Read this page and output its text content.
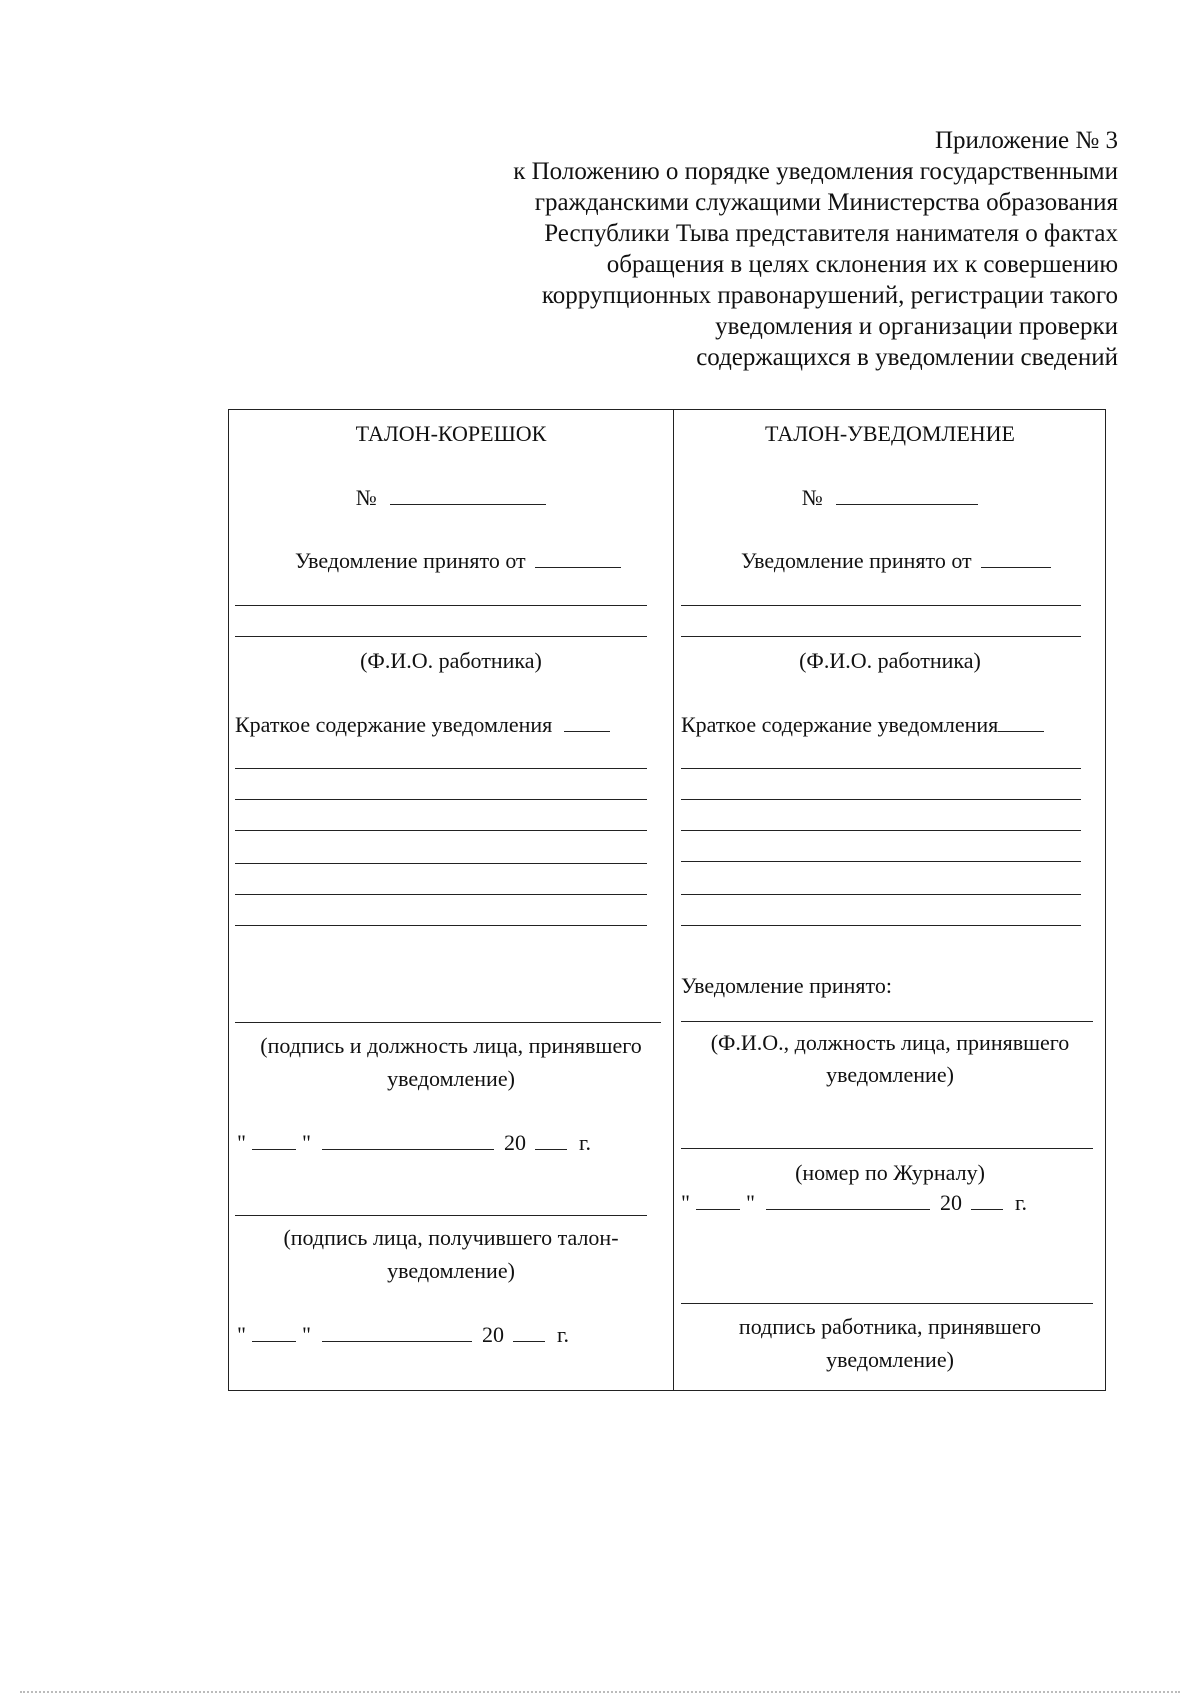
Приложение № 3
к Положению о порядке уведомления государственными
гражданскими служащими Министерства образования
Республики Тыва представителя нанимателя о фактах
обращения в целях склонения их к совершению
коррупционных правонарушений, регистрации такого
уведомления и организации проверки
содержащихся в уведомлении сведений
ТАЛОН-КОРЕШОК
№
Уведомление принято от
(Ф.И.О. работника)
Краткое содержание уведомления
(подпись и должность лица, принявшего
уведомление)
"	"	20 г.
(подпись лица, получившего талон-
уведомление)
"	"	20 г.
ТАЛОН-УВЕДОМЛЕНИЕ
№
Уведомление принято от
(Ф.И.О. работника)
Краткое содержание уведомления
Уведомление принято:
(Ф.И.О., должность лица, принявшего
уведомление)
(номер по Журналу)
"	"	20 г.
подпись работника, принявшего
уведомление)
